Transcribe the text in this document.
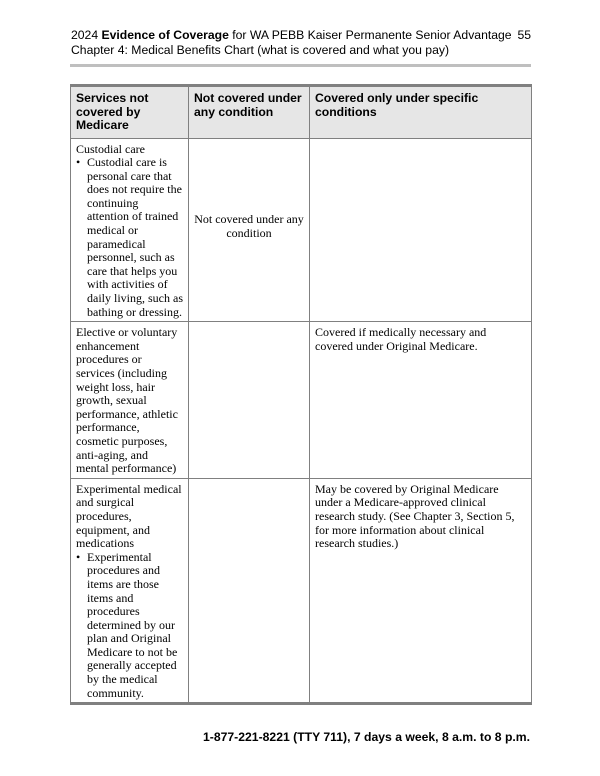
2024 Evidence of Coverage for WA PEBB Kaiser Permanente Senior Advantage
Chapter 4: Medical Benefits Chart (what is covered and what you pay)
55
Services not covered by Medicare	Not covered under any condition	Covered only under specific conditions

Custodial care

• Custodial care is personal care that does not require the continuing attention of trained medical or paramedical personnel, such as care that helps you with activities of daily living, such as bathing or dressing.	Not covered under any condition	

Elective or voluntary enhancement procedures or services (including weight loss, hair growth, sexual performance, athletic performance, cosmetic purposes, anti-aging, and mental performance)		Covered if medically necessary and covered under Original Medicare.

Experimental medical and surgical procedures, equipment, and medications

• Experimental procedures and items are those items and procedures determined by our plan and Original Medicare to not be generally accepted by the medical community.		May be covered by Original Medicare under a Medicare-approved clinical research study. (See Chapter 3, Section 5, for more information about clinical research studies.)
1-877-221-8221 (TTY 711), 7 days a week, 8 a.m. to 8 p.m.
